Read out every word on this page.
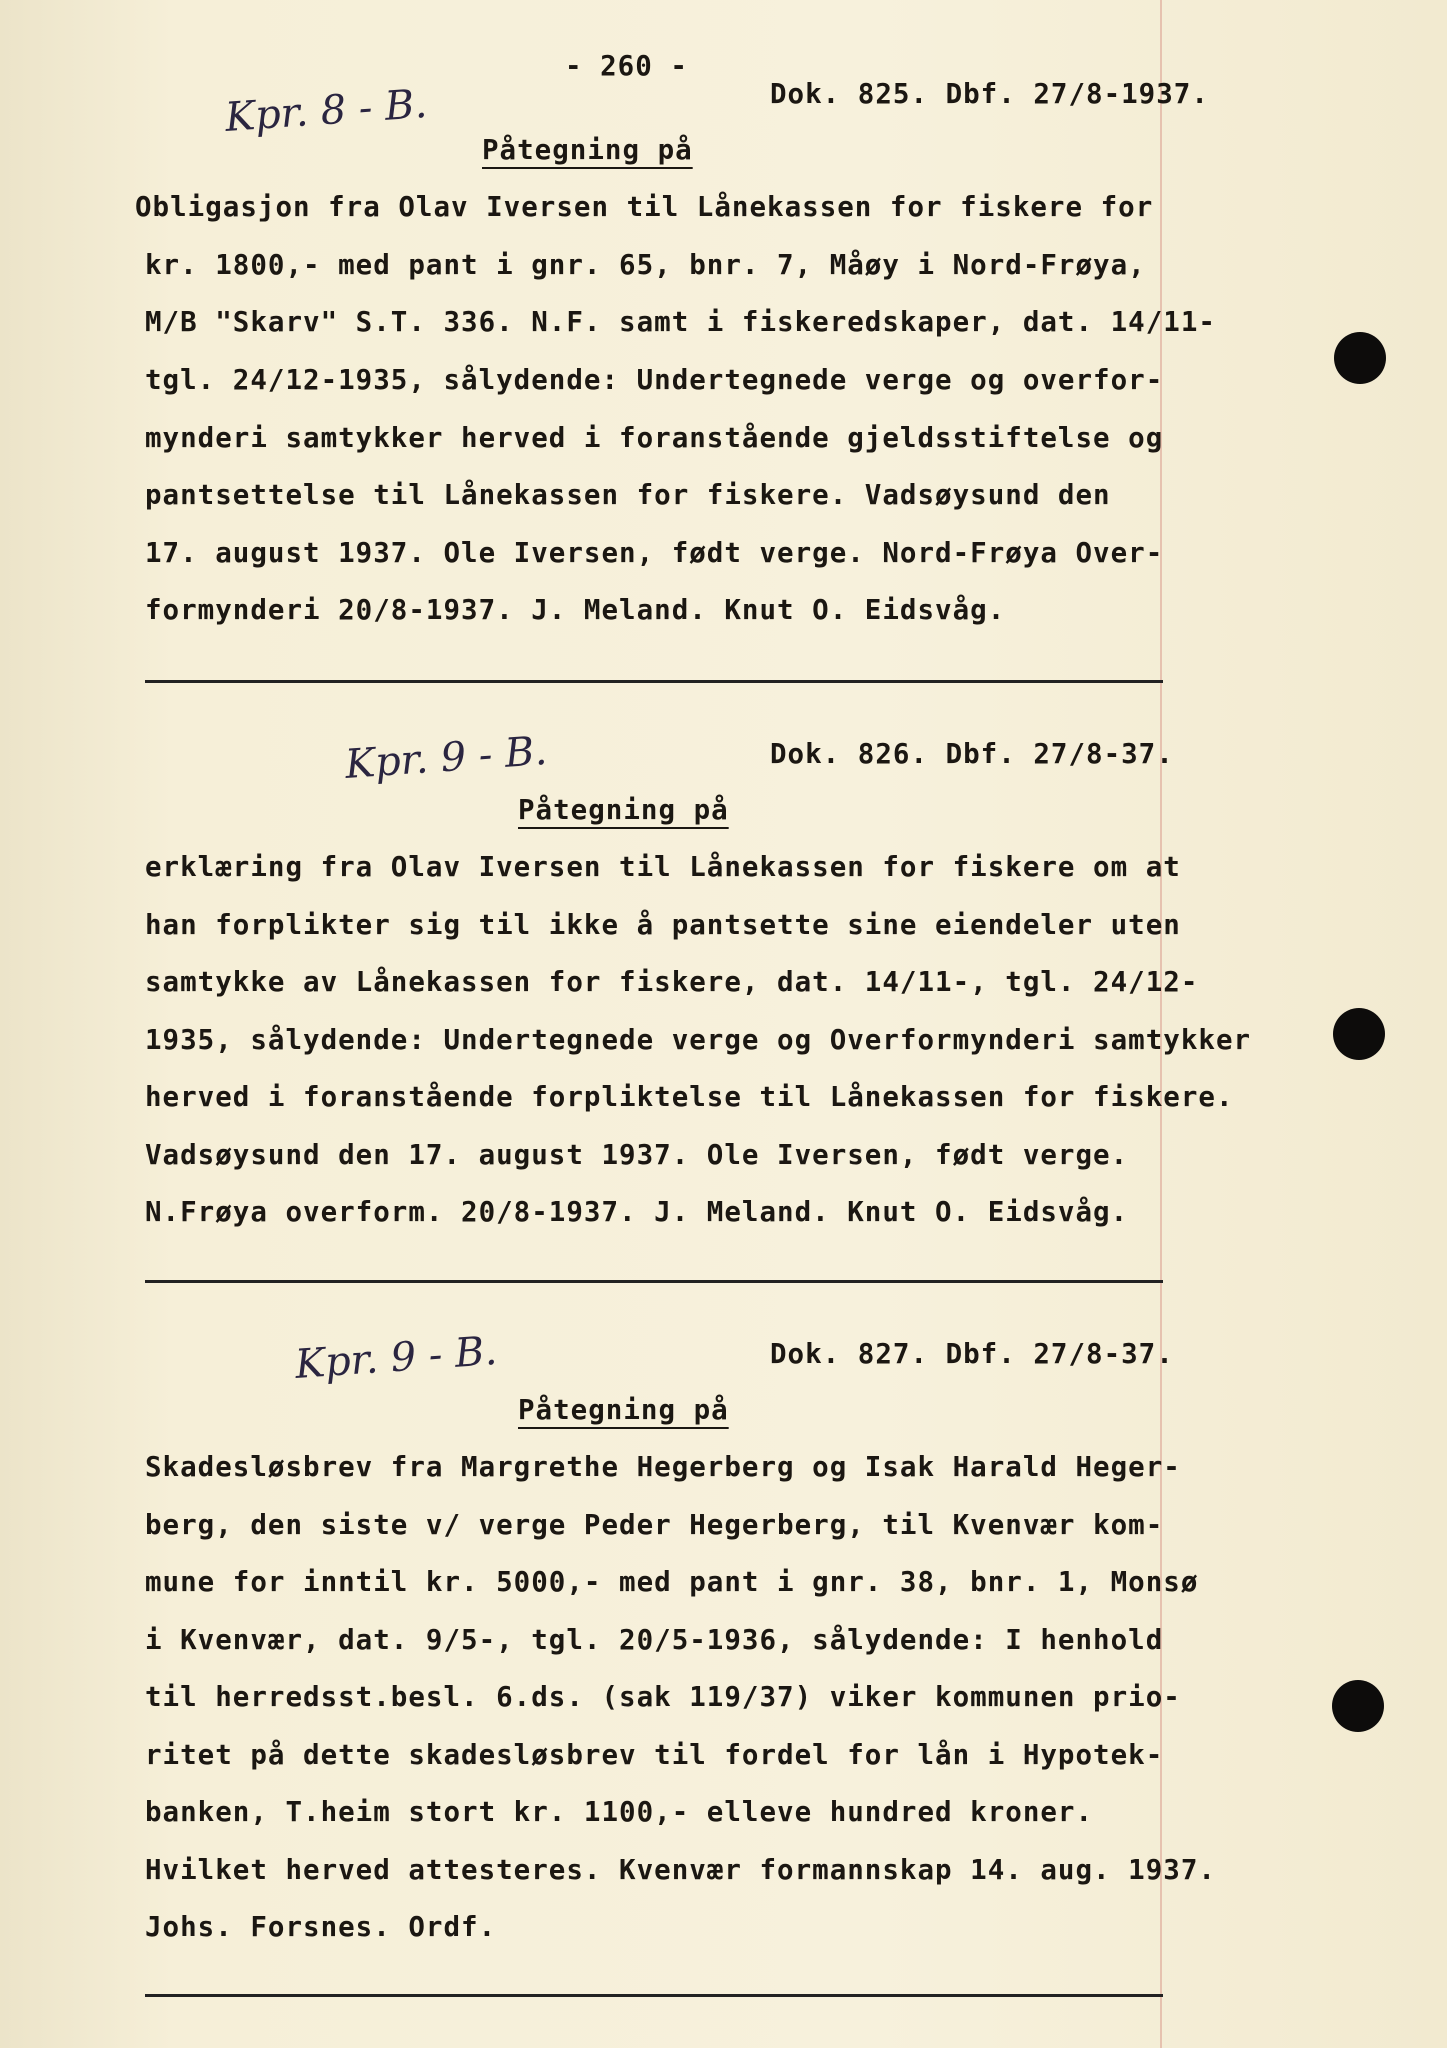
- 260 -
Kpr. 8 - B.	Dok. 825. Dbf. 27/8-1937.
Påtegning på
Obligasjon fra Olav Iversen til Lånekassen for fiskere for
kr. 1800,- med pant i gnr. 65, bnr. 7, Måøy i Nord-Frøya,
M/B "Skarv" S.T. 336. N.F. samt i fiskeredskaper, dat. 14/11-
tgl. 24/12-1935, sålydende: Undertegnede verge og overfor-
mynderi samtykker herved i foranstående gjeldsstiftelse og
pantsettelse til Lånekassen for fiskere. Vadsøysund den
17. august 1937. Ole Iversen, født verge. Nord-Frøya Over-
formynderi 20/8-1937. J. Meland. Knut O. Eidsvåg.
Kpr. 9 - B.	Dok. 826. Dbf. 27/8-37.
Påtegning på
erklæring fra Olav Iversen til Lånekassen for fiskere om at
han forplikter sig til ikke å pantsette sine eiendeler uten
samtykke av Lånekassen for fiskere, dat. 14/11-, tgl. 24/12-
1935, sålydende: Undertegnede verge og Overformynderi samtykker
herved i foranstående forpliktelse til Lånekassen for fiskere.
Vadsøysund den 17. august 1937. Ole Iversen, født verge.
N.Frøya overform. 20/8-1937. J. Meland. Knut O. Eidsvåg.
Kpr. 9 - B.	Dok. 827. Dbf. 27/8-37.
Påtegning på
Skadesløsbrev fra Margrethe Hegerberg og Isak Harald Heger-
berg, den siste v/ verge Peder Hegerberg, til Kvenvær kom-
mune for inntil kr. 5000,- med pant i gnr. 38, bnr. 1, Monsø
i Kvenvær, dat. 9/5-, tgl. 20/5-1936, sålydende: I henhold
til herredsst.besl. 6.ds. (sak 119/37) viker kommunen prio-
ritet på dette skadesløsbrev til fordel for lån i Hypotek-
banken, T.heim stort kr. 1100,- elleve hundred kroner.
Hvilket herved attesteres. Kvenvær formannskap 14. aug. 1937.
Johs. Forsnes. Ordf.
